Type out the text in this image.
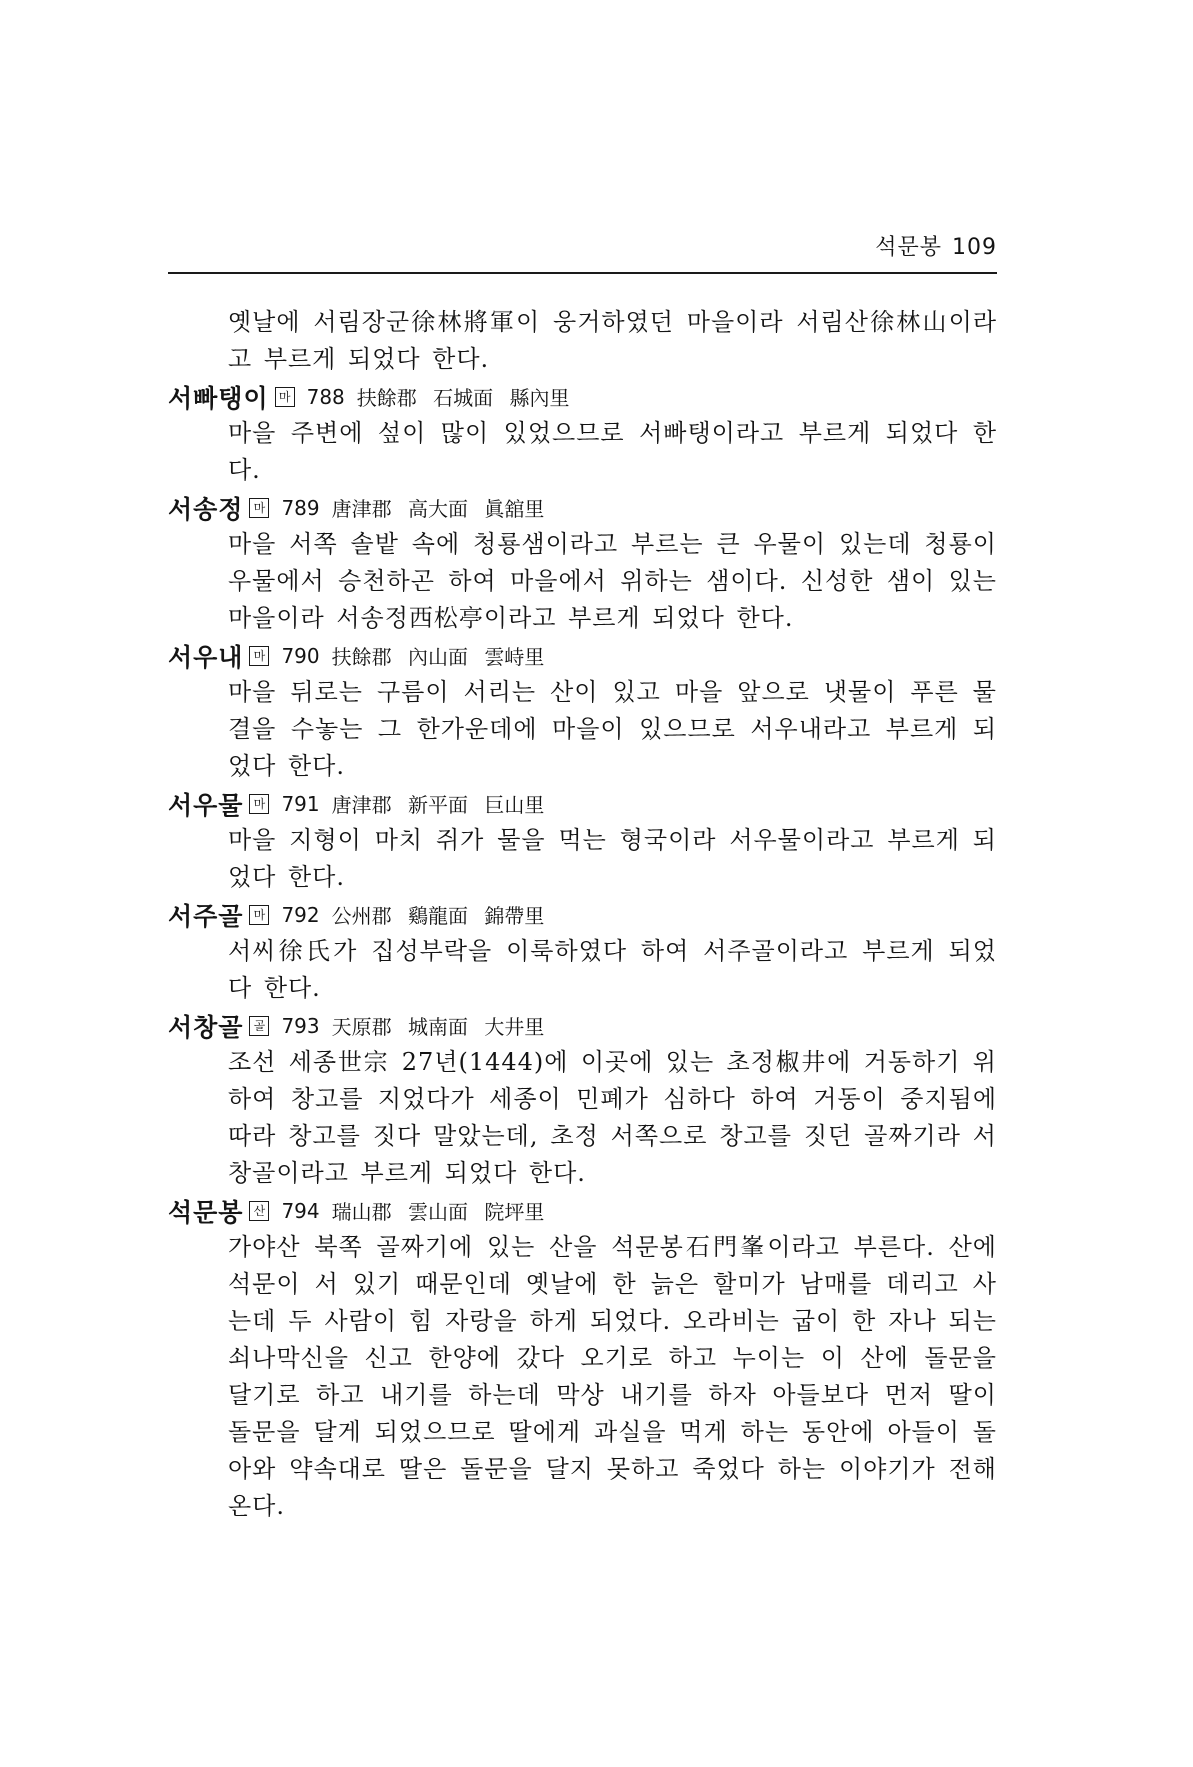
석문봉 109

옛날에 서림장군徐林將軍이 웅거하였던 마을이라 서림산徐林山이라고 부르게 되었다 한다.

서빠탱이 마 788 扶餘郡 石城面 縣內里

마을 주변에 섶이 많이 있었으므로 서빠탱이라고 부르게 되었다 한다.

서송정 마 789 唐津郡 高大面 眞舘里

마을 서쪽 솔밭 속에 청룡샘이라고 부르는 큰 우물이 있는데 청룡이 우물에서 승천하곤 하여 마을에서 위하는 샘이다. 신성한 샘이 있는 마을이라 서송정西松亭이라고 부르게 되었다 한다.

서우내 마 790 扶餘郡 內山面 雲峙里

마을 뒤로는 구름이 서리는 산이 있고 마을 앞으로 냇물이 푸른 물결을 수놓는 그 한가운데에 마을이 있으므로 서우내라고 부르게 되었다 한다.

서우물 마 791 唐津郡 新平面 巨山里

마을 지형이 마치 쥐가 물을 먹는 형국이라 서우물이라고 부르게 되었다 한다.

서주골 마 792 公州郡 鷄龍面 錦帶里

서씨徐氏가 집성부락을 이룩하였다 하여 서주골이라고 부르게 되었다 한다.

서창골 골 793 天原郡 城南面 大井里

조선 세종世宗 27년(1444)에 이곳에 있는 초정椒井에 거동하기 위하여 창고를 지었다가 세종이 민폐가 심하다 하여 거동이 중지됨에 따라 창고를 짓다 말았는데, 초정 서쪽으로 창고를 짓던 골짜기라 서창골이라고 부르게 되었다 한다.

석문봉 산 794 瑞山郡 雲山面 院坪里

가야산 북쪽 골짜기에 있는 산을 석문봉石門峯이라고 부른다. 산에 석문이 서 있기 때문인데 옛날에 한 늙은 할미가 남매를 데리고 사는데 두 사람이 힘 자랑을 하게 되었다. 오라비는 굽이 한 자나 되는 쇠나막신을 신고 한양에 갔다 오기로 하고 누이는 이 산에 돌문을 달기로 하고 내기를 하는데 막상 내기를 하자 아들보다 먼저 딸이 돌문을 달게 되었으므로 딸에게 과실을 먹게 하는 동안에 아들이 돌아와 약속대로 딸은 돌문을 달지 못하고 죽었다 하는 이야기가 전해온다.
